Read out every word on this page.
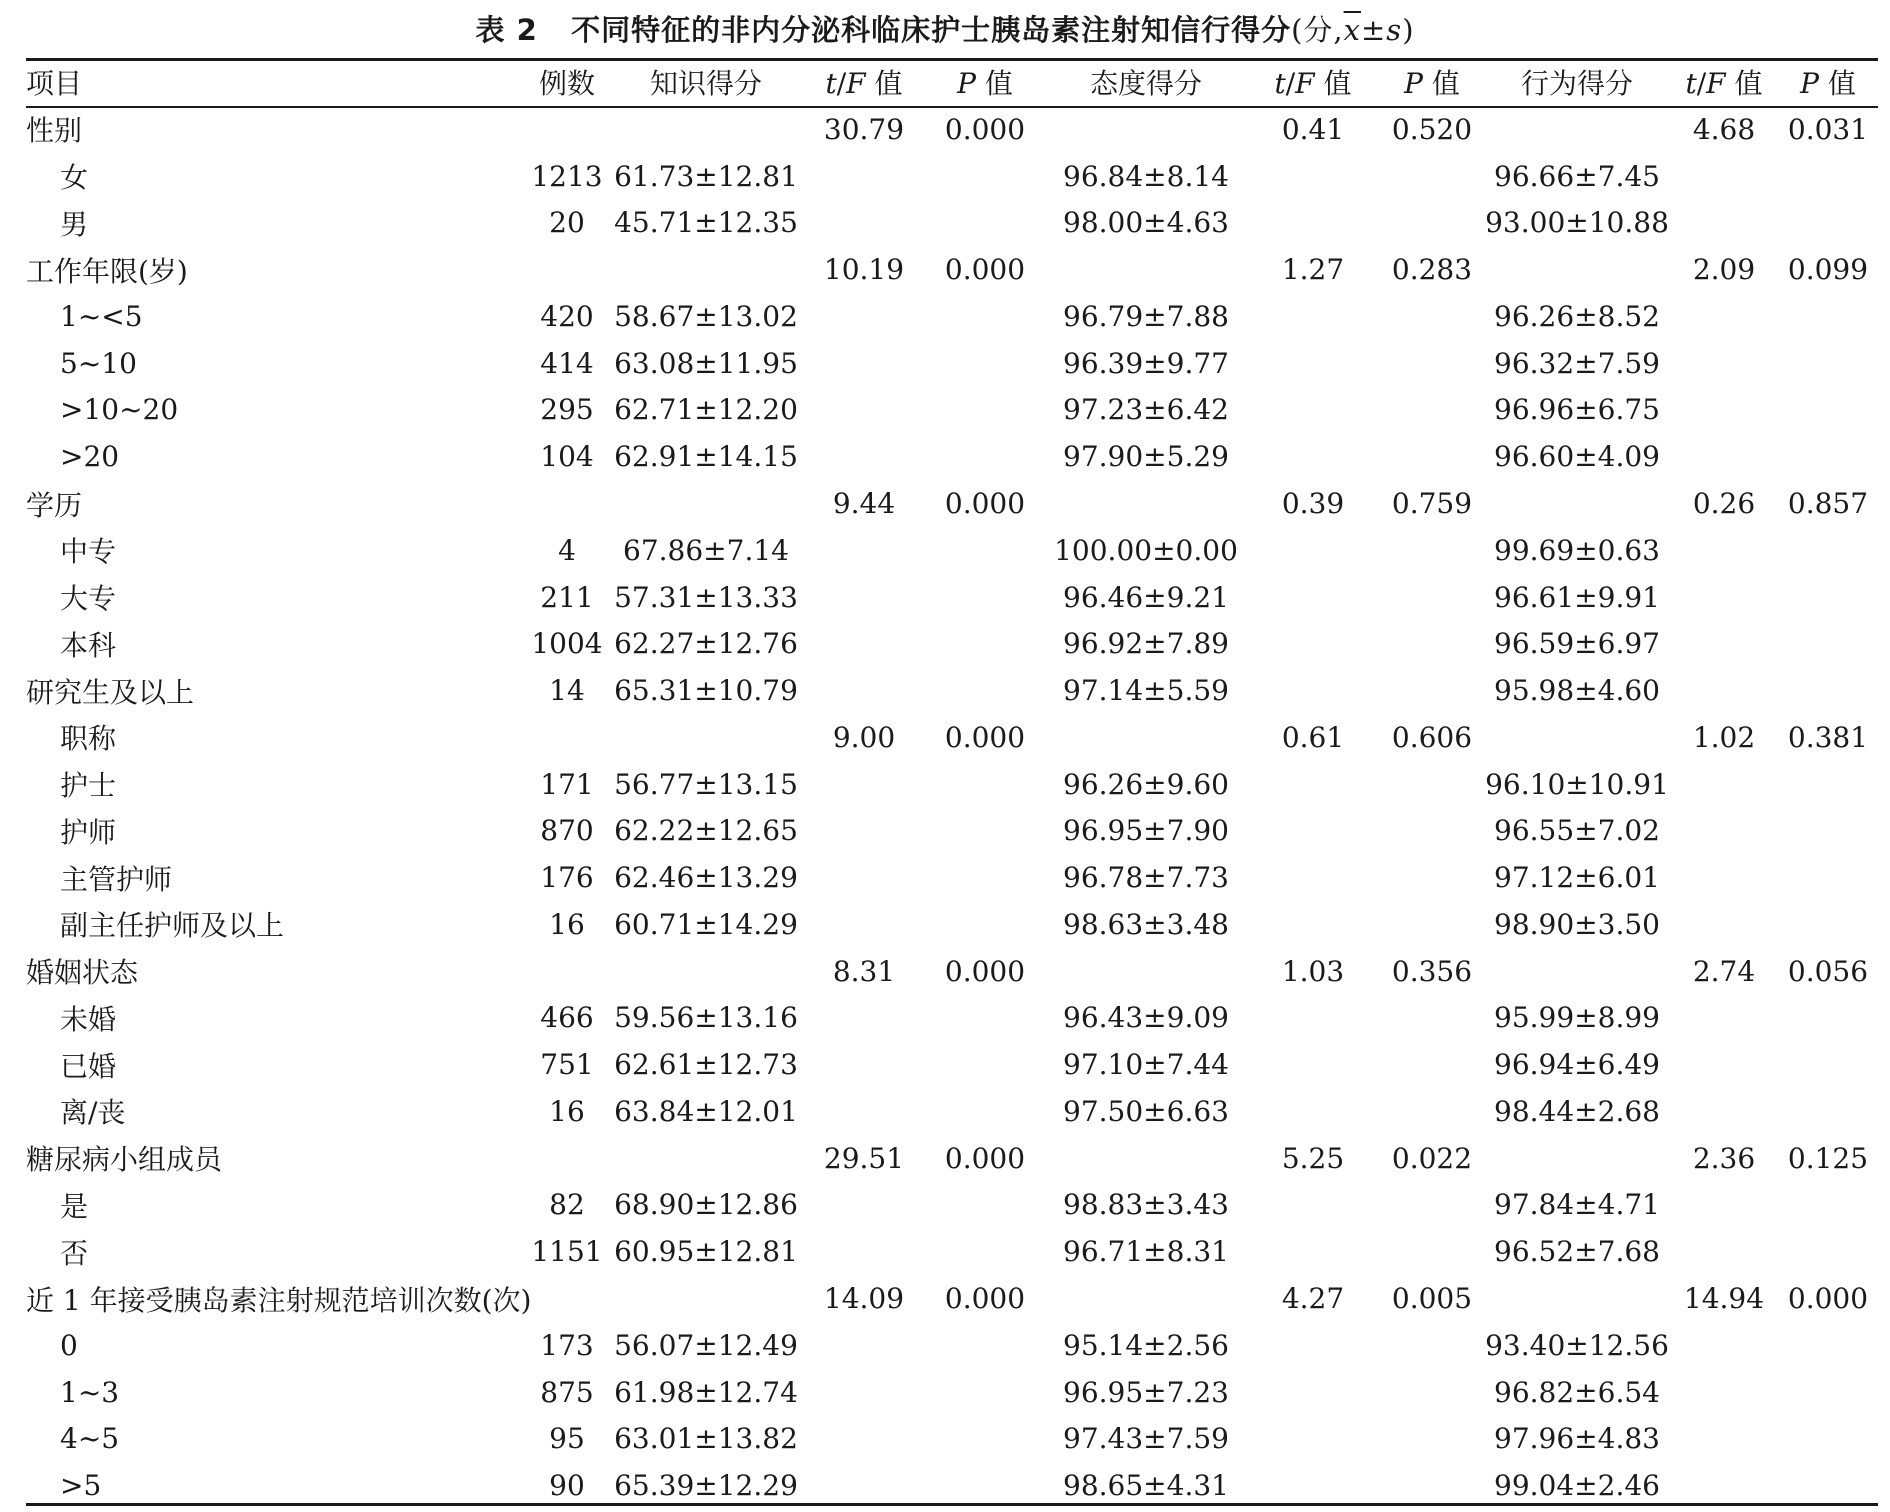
表 2 不同特征的非内分泌科临床护士胰岛素注射知信行得分(分$,\overline{x}\pm s$)
项目	例数	知识得分	t/F 值	P 值	态度得分	t/F 值	P 值	行为得分	t/F 值	P 值
性别			30.79	0.000		0.41	0.520		4.68	0.031
女	1213	61.73±12.81			96.84±8.14			96.66±7.45		
男	20	45.71±12.35			98.00±4.63			93.00±10.88		
工作年限(岁)			10.19	0.000		1.27	0.283		2.09	0.099
1~<5	420	58.67±13.02			96.79±7.88			96.26±8.52		
5~10	414	63.08±11.95			96.39±9.77			96.32±7.59		
>10~20	295	62.71±12.20			97.23±6.42			96.96±6.75		
>20	104	62.91±14.15			97.90±5.29			96.60±4.09		
学历			9.44	0.000		0.39	0.759		0.26	0.857
中专	4	67.86±7.14			100.00±0.00			99.69±0.63		
大专	211	57.31±13.33			96.46±9.21			96.61±9.91		
本科	1004	62.27±12.76			96.92±7.89			96.59±6.97		
研究生及以上	14	65.31±10.79			97.14±5.59			95.98±4.60		
职称			9.00	0.000		0.61	0.606		1.02	0.381
护士	171	56.77±13.15			96.26±9.60			96.10±10.91		
护师	870	62.22±12.65			96.95±7.90			96.55±7.02		
主管护师	176	62.46±13.29			96.78±7.73			97.12±6.01		
副主任护师及以上	16	60.71±14.29			98.63±3.48			98.90±3.50		
婚姻状态			8.31	0.000		1.03	0.356		2.74	0.056
未婚	466	59.56±13.16			96.43±9.09			95.99±8.99		
已婚	751	62.61±12.73			97.10±7.44			96.94±6.49		
离/丧	16	63.84±12.01			97.50±6.63			98.44±2.68		
糖尿病小组成员			29.51	0.000		5.25	0.022		2.36	0.125
是	82	68.90±12.86			98.83±3.43			97.84±4.71		
否	1151	60.95±12.81			96.71±8.31			96.52±7.68		
近 1 年接受胰岛素注射规范培训次数(次)			14.09	0.000		4.27	0.005		14.94	0.000
0	173	56.07±12.49			95.14±2.56			93.40±12.56		
1~3	875	61.98±12.74			96.95±7.23			96.82±6.54		
4~5	95	63.01±13.82			97.43±7.59			97.96±4.83		
>5	90	65.39±12.29			98.65±4.31			99.04±2.46		
